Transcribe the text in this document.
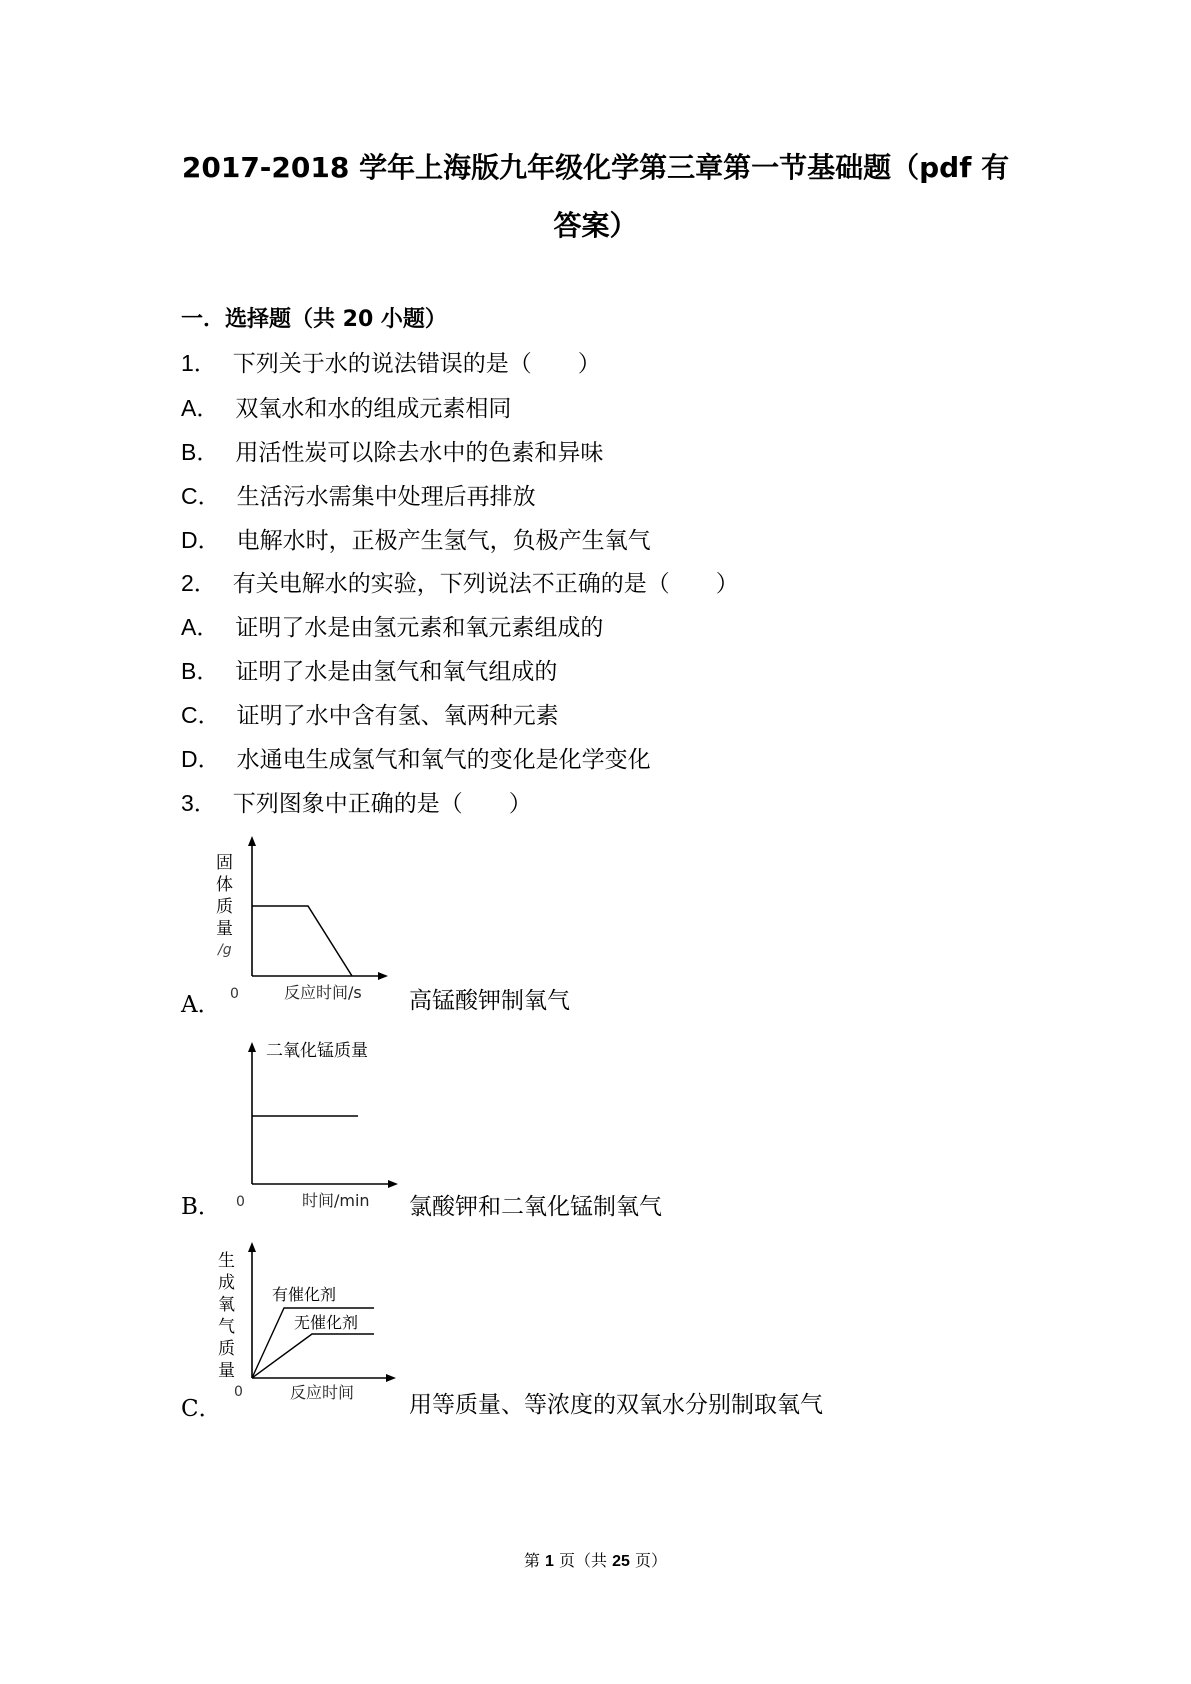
2017-2018 学年上海版九年级化学第三章第一节基础题（pdf 有
答案）
一．选择题（共 20 小题）
1． 下列关于水的说法错误的是（　　）
A． 双氧水和水的组成元素相同
B． 用活性炭可以除去水中的色素和异味
C． 生活污水需集中处理后再排放
D． 电解水时，正极产生氢气，负极产生氧气
2． 有关电解水的实验，下列说法不正确的是（　　）
A． 证明了水是由氢元素和氧元素组成的
B． 证明了水是由氢气和氧气组成的
C． 证明了水中含有氢、氧两种元素
D． 水通电生成氢气和氧气的变化是化学变化
3． 下列图象中正确的是（　　）
A．
固
体
质
量
/g
0	反应时间/s 高锰酸钾制氧气
B．
二氧化锰质量
0	时间/min 氯酸钾和二氧化锰制氧气
C．
生
成
氧
气
质
量
有催化剂
无催化剂
0	反应时间 用等质量、等浓度的双氧水分别制取氧气
第 1 页（共 25 页）
